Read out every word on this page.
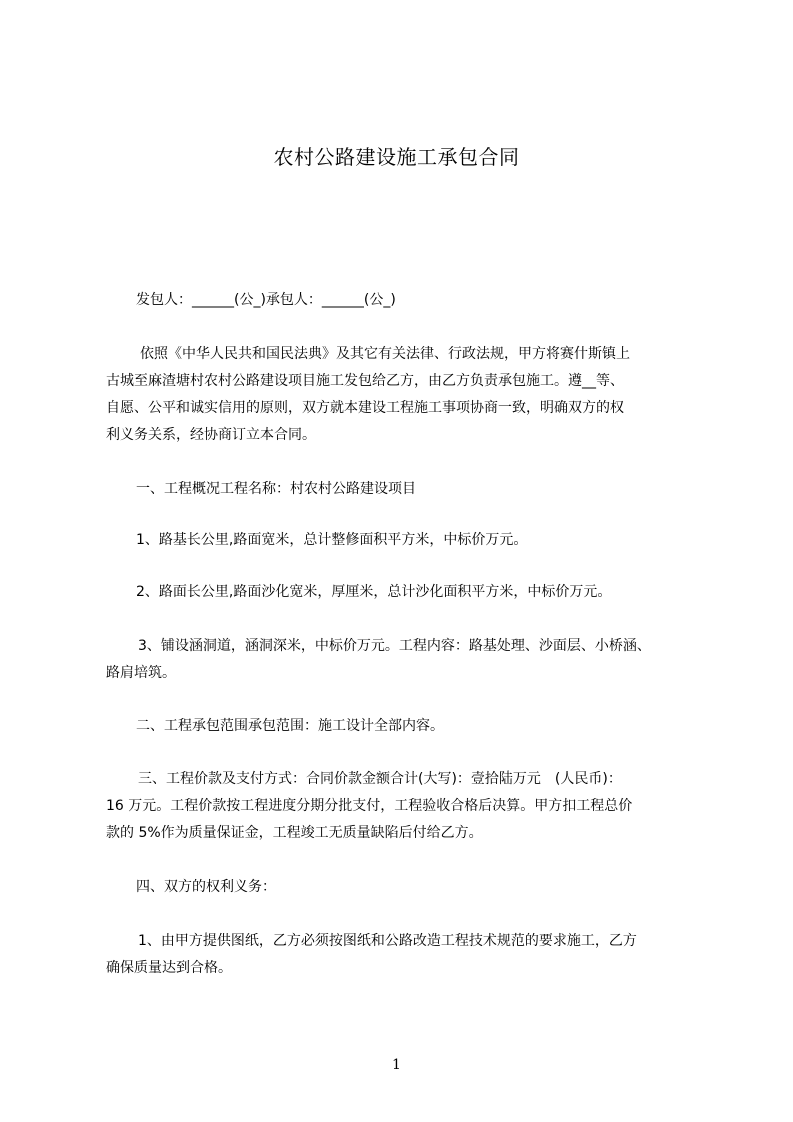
农村公路建设施工承包合同
发包人：______(公_)承包人：______(公_)
依照《中华人民共和国民法典》及其它有关法律、行政法规，甲方将赛什斯镇上
古城至麻渣塘村农村公路建设项目施工发包给乙方，由乙方负责承包施工。遵__等、
自愿、公平和诚实信用的原则，双方就本建设工程施工事项协商一致，明确双方的权
利义务关系，经协商订立本合同。
一、工程概况工程名称：村农村公路建设项目
1、路基长公里,路面宽米，总计整修面积平方米，中标价万元。
2、路面长公里,路面沙化宽米，厚厘米，总计沙化面积平方米，中标价万元。
3、铺设涵洞道，涵洞深米，中标价万元。工程内容：路基处理、沙面层、小桥涵、
路肩培筑。
二、工程承包范围承包范围：施工设计全部内容。
三、工程价款及支付方式：合同价款金额合计(大写)：壹拾陆万元　(人民币)：
16 万元。工程价款按工程进度分期分批支付，工程验收合格后决算。甲方扣工程总价
款的 5%作为质量保证金，工程竣工无质量缺陷后付给乙方。
四、双方的权利义务：
1、由甲方提供图纸，乙方必须按图纸和公路改造工程技术规范的要求施工，乙方
确保质量达到合格。
1
